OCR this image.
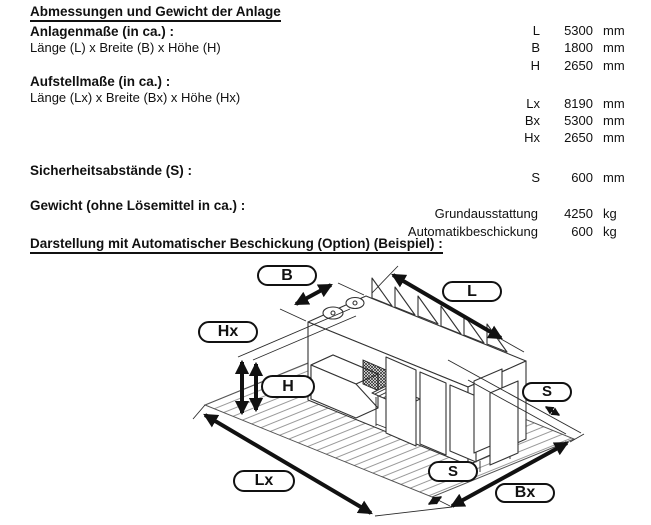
Abmessungen und Gewicht der Anlage
Anlagenmaße (in ca.) :
Länge (L) x Breite (B) x Höhe (H)
Aufstellmaße (in ca.) :
Länge (Lx) x Breite (Bx) x Höhe (Hx)
Sicherheitsabstände (S) :
Gewicht (ohne Lösemittel in ca.) :
Darstellung mit Automatischer Beschickung (Option) (Beispiel) :
L	5300 mm
B	1800 mm
H	2650 mm
Lx	8190 mm
Bx	5300 mm
Hx	2650 mm
S	600 mm
Grundausstattung	4250 kg
Automatikbeschickung	600 kg
B
L
Hx
H	S
S
Lx
Bx
